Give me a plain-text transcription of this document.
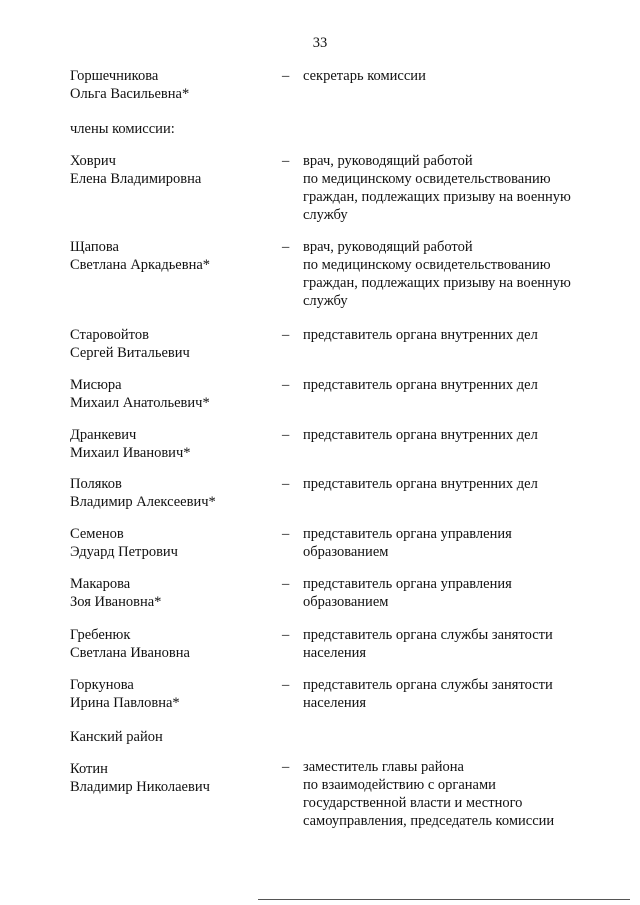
33
Горшечникова
Ольга Васильевна*
– секретарь комиссии
члены комиссии:
Ховрич
Елена Владимировна
– врач, руководящий работой
по медицинскому освидетельствованию
граждан, подлежащих призыву на военную
службу
Щапова
Светлана Аркадьевна*
– врач, руководящий работой
по медицинскому освидетельствованию
граждан, подлежащих призыву на военную
службу
Старовойтов
Сергей Витальевич
– представитель органа внутренних дел
Мисюра
Михаил Анатольевич*
– представитель органа внутренних дел
Дранкевич
Михаил Иванович*
– представитель органа внутренних дел
Поляков
Владимир Алексеевич*
– представитель органа внутренних дел
Семенов
Эдуард Петрович
– представитель органа управления
образованием
Макарова
Зоя Ивановна*
– представитель органа управления
образованием
Гребенюк
Светлана Ивановна
– представитель органа службы занятости
населения
Горкунова
Ирина Павловна*
– представитель органа службы занятости
населения
Канский район
Котин
Владимир Николаевич
– заместитель главы района
по взаимодействию с органами
государственной власти и местного
самоуправления, председатель комиссии
